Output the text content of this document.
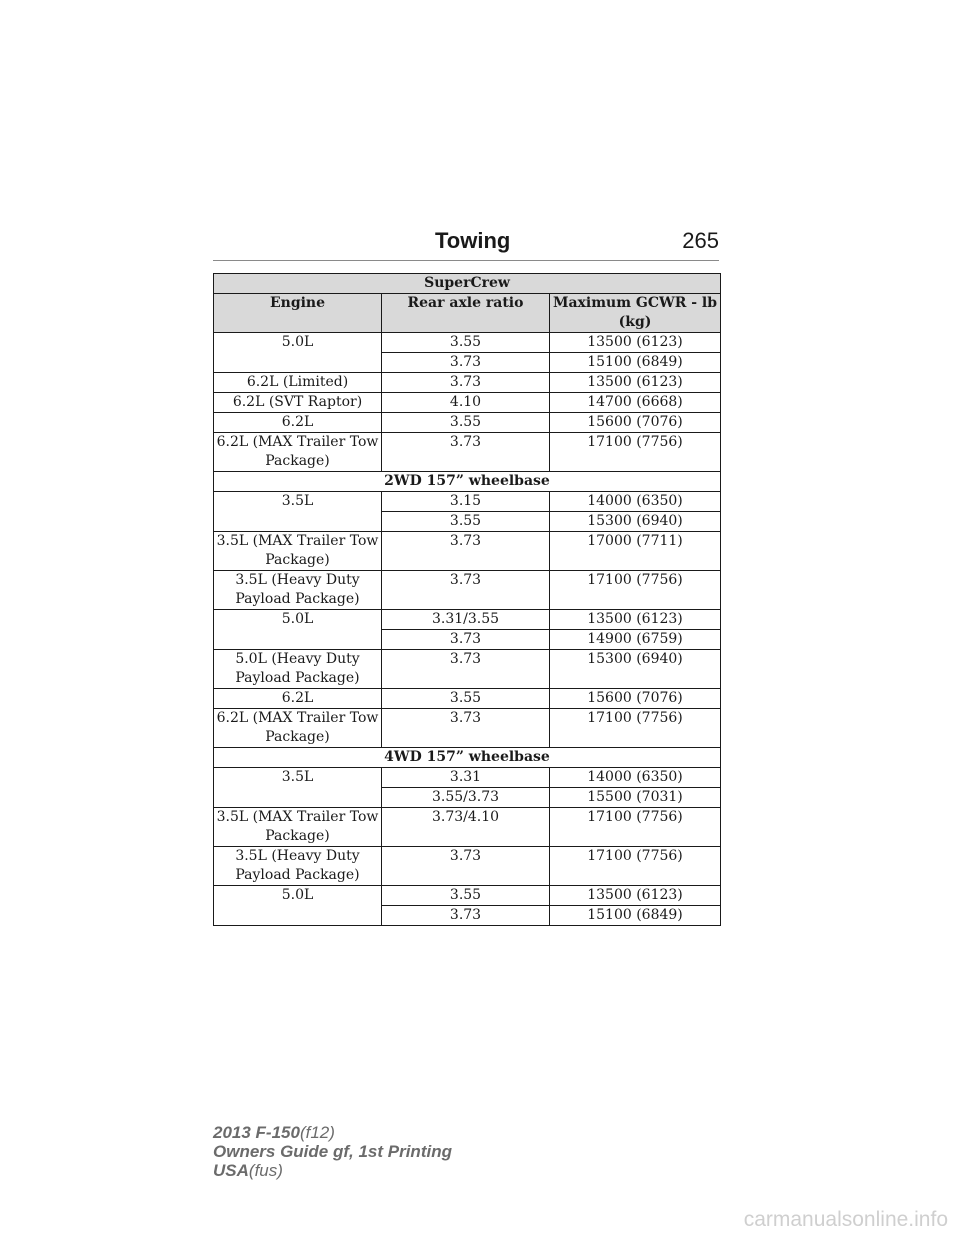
Towing	265
SuperCrew		
Engine	Rear axle ratio	Maximum GCWR - lb (kg)
5.0L	3.55	13500 (6123)
	3.73	15100 (6849)
6.2L (Limited)	3.73	13500 (6123)
6.2L (SVT Raptor)	4.10	14700 (6668)
6.2L	3.55	15600 (7076)
6.2L (MAX Trailer Tow Package)	3.73	17100 (7756)
2WD 157” wheelbase		
3.5L	3.15	14000 (6350)
	3.55	15300 (6940)
3.5L (MAX Trailer Tow Package)	3.73	17000 (7711)
3.5L (Heavy Duty Payload Package)	3.73	17100 (7756)
5.0L	3.31/3.55	13500 (6123)
	3.73	14900 (6759)
5.0L (Heavy Duty Payload Package)	3.73	15300 (6940)
6.2L	3.55	15600 (7076)
6.2L (MAX Trailer Tow Package)	3.73	17100 (7756)
4WD 157” wheelbase		
3.5L	3.31	14000 (6350)
	3.55/3.73	15500 (7031)
3.5L (MAX Trailer Tow Package)	3.73/4.10	17100 (7756)
3.5L (Heavy Duty Payload Package)	3.73	17100 (7756)
5.0L	3.55	13500 (6123)
	3.73	15100 (6849)
2013 F-150(f12)
Owners Guide gf, 1st Printing
USA(fus)
carmanualsonline.info
